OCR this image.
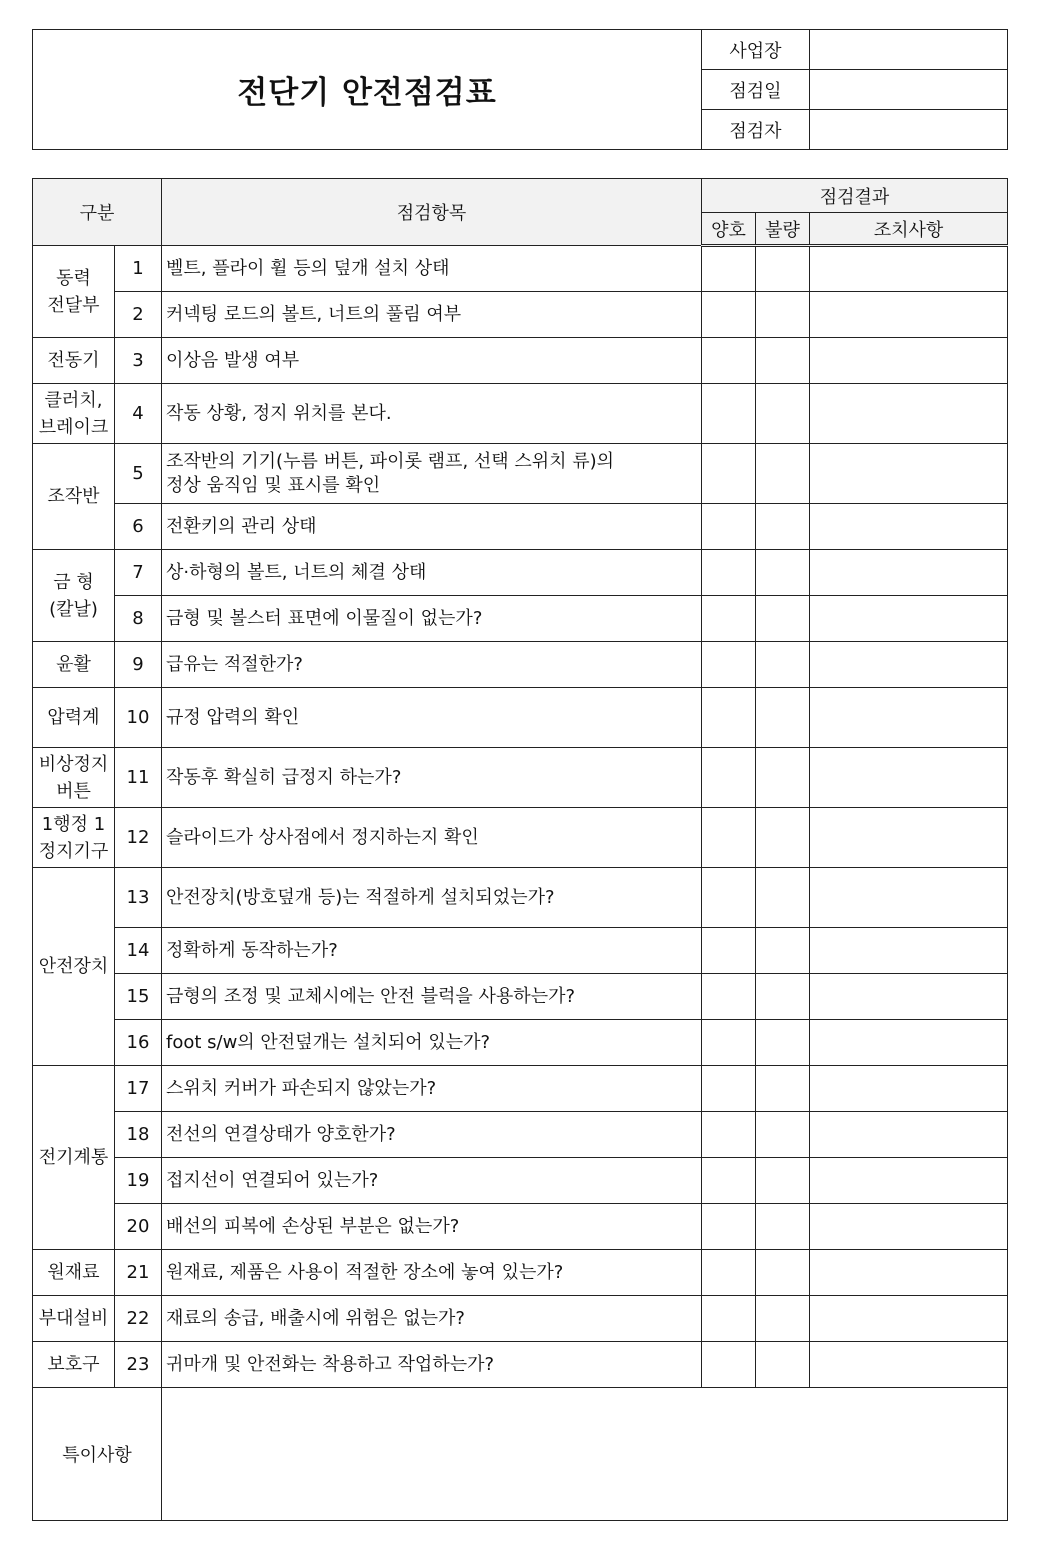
전단기 안전점검표	사업장	
	점검일	
	점검자	
구분		점검항목	점검결과		
			양호	불량	조치사항
동력
전달부	1	벨트, 플라이 휠 등의 덮개 설치 상태			
	2	커넥팅 로드의 볼트, 너트의 풀림 여부			
전동기	3	이상음 발생 여부			
클러치,
브레이크	4	작동 상황, 정지 위치를 본다.			
조작반	5	조작반의 기기(누름 버튼, 파이롯 램프, 선택 스위치 류)의
정상 움직임 및 표시를 확인			
	6	전환키의 관리 상태			
금 형
(칼날)	7	상·하형의 볼트, 너트의 체결 상태			
	8	금형 및 볼스터 표면에 이물질이 없는가?			
윤활	9	급유는 적절한가?			
압력계	10	규정 압력의 확인			
비상정지
버튼	11	작동후 확실히 급정지 하는가?			
1행정 1
정지기구	12	슬라이드가 상사점에서 정지하는지 확인			
안전장치	13	안전장치(방호덮개 등)는 적절하게 설치되었는가?			
	14	정확하게 동작하는가?			
	15	금형의 조정 및 교체시에는 안전 블럭을 사용하는가?			
	16	foot s/w의 안전덮개는 설치되어 있는가?			
전기계통	17	스위치 커버가 파손되지 않았는가?			
	18	전선의 연결상태가 양호한가?			
	19	접지선이 연결되어 있는가?			
	20	배선의 피복에 손상된 부분은 없는가?			
원재료	21	원재료, 제품은 사용이 적절한 장소에 놓여 있는가?			
부대설비	22	재료의 송급, 배출시에 위험은 없는가?			
보호구	23	귀마개 및 안전화는 착용하고 작업하는가?			
특이사항					
